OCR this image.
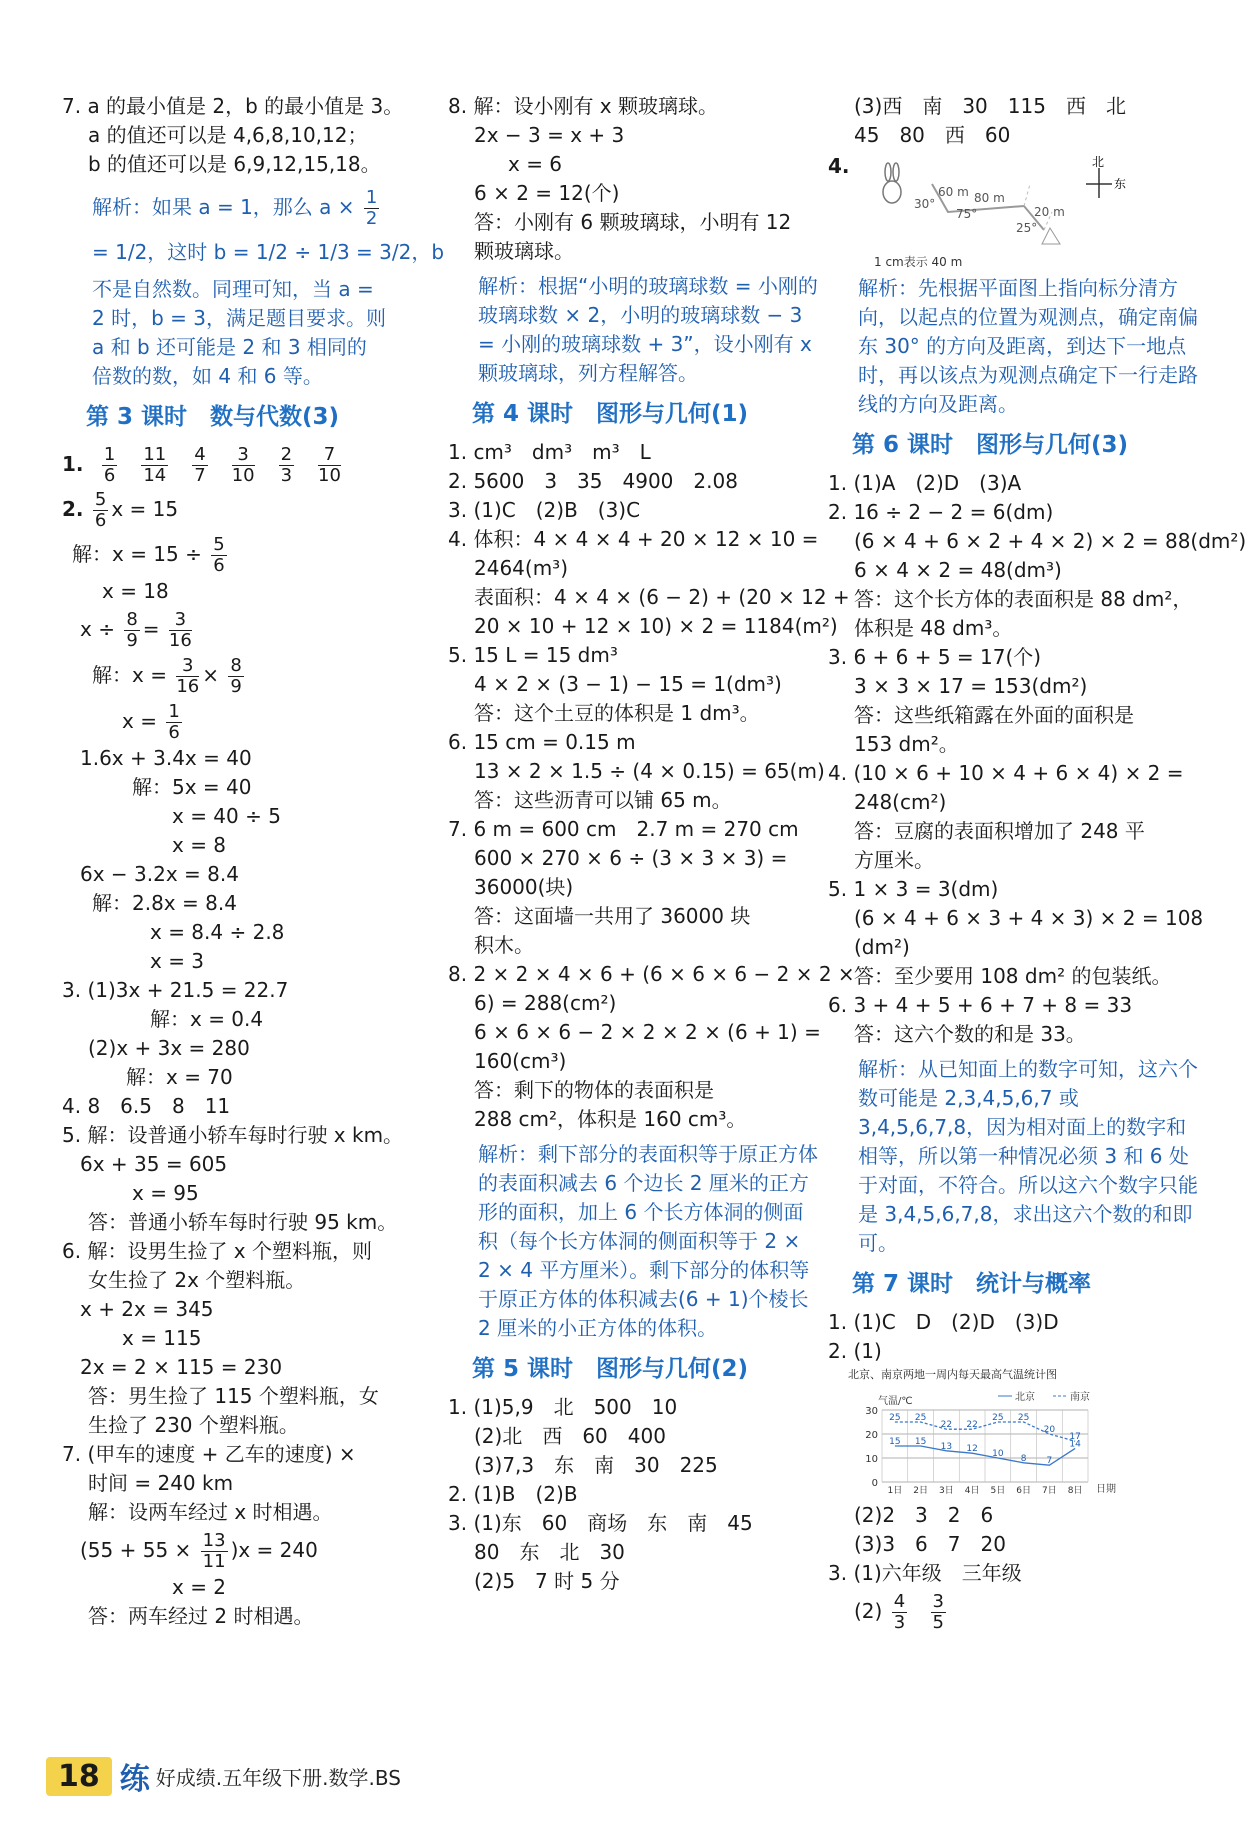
7. a 的最小值是 2，b 的最小值是 3。
a 的值还可以是 4,6,8,10,12；
b 的值还可以是 6,9,12,15,18。
解析：如果 a = 1，那么 $a \times \frac{1}{2}$
= 1/2，这时 b = 1/2 ÷ 1/3 = 3/2，b
不是自然数。同理可知，当 a =
2 时，b = 3，满足题目要求。则
a 和 b 还可能是 2 和 3 相同的
倍数的数，如 4 和 6 等。
第 3 课时　数与代数(3)
1. $\frac{1}{6} \frac{11}{14} \frac{4}{7} \frac{3}{10} \frac{2}{3} \frac{7}{10}$
2. $\frac{5}{6}$ x = 15
解：$x = 15 \div \frac{5}{6}$
x = 18
$x \div \frac{8}{9} = \frac{3}{16}$
解：$x = \frac{3}{16} \times \frac{8}{9}$
$x = \frac{1}{6}$
1.6x + 3.4x = 40
解：5x = 40
x = 40 ÷ 5
x = 8
6x − 3.2x = 8.4
解：2.8x = 8.4
x = 8.4 ÷ 2.8
x = 3
3. (1)3x + 21.5 = 22.7
解：x = 0.4
(2)x + 3x = 280
解：x = 70
4. 8　6.5　8　11
5. 解：设普通小轿车每时行驶 x km。
6x + 35 = 605
x = 95
答：普通小轿车每时行驶 95 km。
6. 解：设男生捡了 x 个塑料瓶，则
女生捡了 2x 个塑料瓶。
x + 2x = 345
x = 115
2x = 2 × 115 = 230
答：男生捡了 115 个塑料瓶，女
生捡了 230 个塑料瓶。
7. (甲车的速度 + 乙车的速度) ×
时间 = 240 km
解：设两车经过 x 时相遇。
$(55 + 55 \times \frac{13}{11} )x = 240$
x = 2
答：两车经过 2 时相遇。
8. 解：设小刚有 x 颗玻璃球。
2x − 3 = x + 3
x = 6
6 × 2 = 12(个)
答：小刚有 6 颗玻璃球，小明有 12
颗玻璃球。
解析：根据“小明的玻璃球数 = 小刚的玻璃球数 × 2，小明的玻璃球数 − 3 = 小刚的玻璃球数 + 3”，设小刚有 x 颗玻璃球，列方程解答。
第 4 课时　图形与几何(1)
1. cm³　dm³　m³　L
2. 5600　3　35　4900　2.08
3. (1)C　(2)B　(3)C
4. 体积：4 × 4 × 4 + 20 × 12 × 10 =
2464(m³)
表面积：4 × 4 × (6 − 2) + (20 × 12 +
20 × 10 + 12 × 10) × 2 = 1184(m²)
5. 15 L = 15 dm³
4 × 2 × (3 − 1) − 15 = 1(dm³)
答：这个土豆的体积是 1 dm³。
6. 15 cm = 0.15 m
13 × 2 × 1.5 ÷ (4 × 0.15) = 65(m)
答：这些沥青可以铺 65 m。
7. 6 m = 600 cm　2.7 m = 270 cm
600 × 270 × 6 ÷ (3 × 3 × 3) =
36000(块)
答：这面墙一共用了 36000 块
积木。
8. 2 × 2 × 4 × 6 + (6 × 6 × 6 − 2 × 2 ×
6) = 288(cm²)
6 × 6 × 6 − 2 × 2 × 2 × (6 + 1) =
160(cm³)
答：剩下的物体的表面积是
288 cm²，体积是 160 cm³。
解析：剩下部分的表面积等于原正方体的表面积减去 6 个边长 2 厘米的正方形的面积，加上 6 个长方体洞的侧面积（每个长方体洞的侧面积等于 2 × 2 × 4 平方厘米）。剩下部分的体积等于原正方体的体积减去(6 + 1)个棱长 2 厘米的小正方体的体积。
第 5 课时　图形与几何(2)
1. (1)5,9　北　500　10
(2)北　西　60　400
(3)7,3　东　南　30　225
2. (1)B　(2)B
3. (1)东　60　商场　东　南　45
80　东　北　30
(2)5　7 时 5 分
(3)西　南　30　115　西　北
45　80　西　60
4.
60 m
30°	80 m
75°	20 m
25°
北
东
1 cm表示 40 m
解析：先根据平面图上指向标分清方向，以起点的位置为观测点，确定南偏东 30° 的方向及距离，到达下一地点时，再以该点为观测点确定下一行走路线的方向及距离。
第 6 课时　图形与几何(3)
1. (1)A　(2)D　(3)A
2. 16 ÷ 2 − 2 = 6(dm)
(6 × 4 + 6 × 2 + 4 × 2) × 2 = 88(dm²)
6 × 4 × 2 = 48(dm³)
答：这个长方体的表面积是 88 dm²，
体积是 48 dm³。
3. 6 + 6 + 5 = 17(个)
3 × 3 × 17 = 153(dm²)
答：这些纸箱露在外面的面积是
153 dm²。
4. (10 × 6 + 10 × 4 + 6 × 4) × 2 =
248(cm²)
答：豆腐的表面积增加了 248 平
方厘米。
5. 1 × 3 = 3(dm)
(6 × 4 + 6 × 3 + 4 × 3) × 2 = 108
(dm²)
答：至少要用 108 dm² 的包装纸。
6. 3 + 4 + 5 + 6 + 7 + 8 = 33
答：这六个数的和是 33。
解析：从已知面上的数字可知，这六个数可能是 2,3,4,5,6,7 或 3,4,5,6,7,8，因为相对面上的数字和相等，所以第一种情况必须 3 和 6 处于对面，不符合。所以这六个数字只能是 3,4,5,6,7,8，求出这六个数的和即可。
第 7 课时　统计与概率
1. (1)C　D　(2)D　(3)D
2. (1)
北京、南京两地一周内每天最高气温统计图
气温/℃
日期
北京	南京
0
10
20
30
1日 2日 3日 4日 5日 6日 7日 8日
15 15 13 12 10 8 7
14
25 25
22 22
25 25
20
17
(2)2　3　2　6
(3)3　6　7　20
3. (1)六年级　三年级
$(2) \frac{4}{3}$
$\frac{3}{5}$
18 练 好成绩.五年级下册.数学.BS
